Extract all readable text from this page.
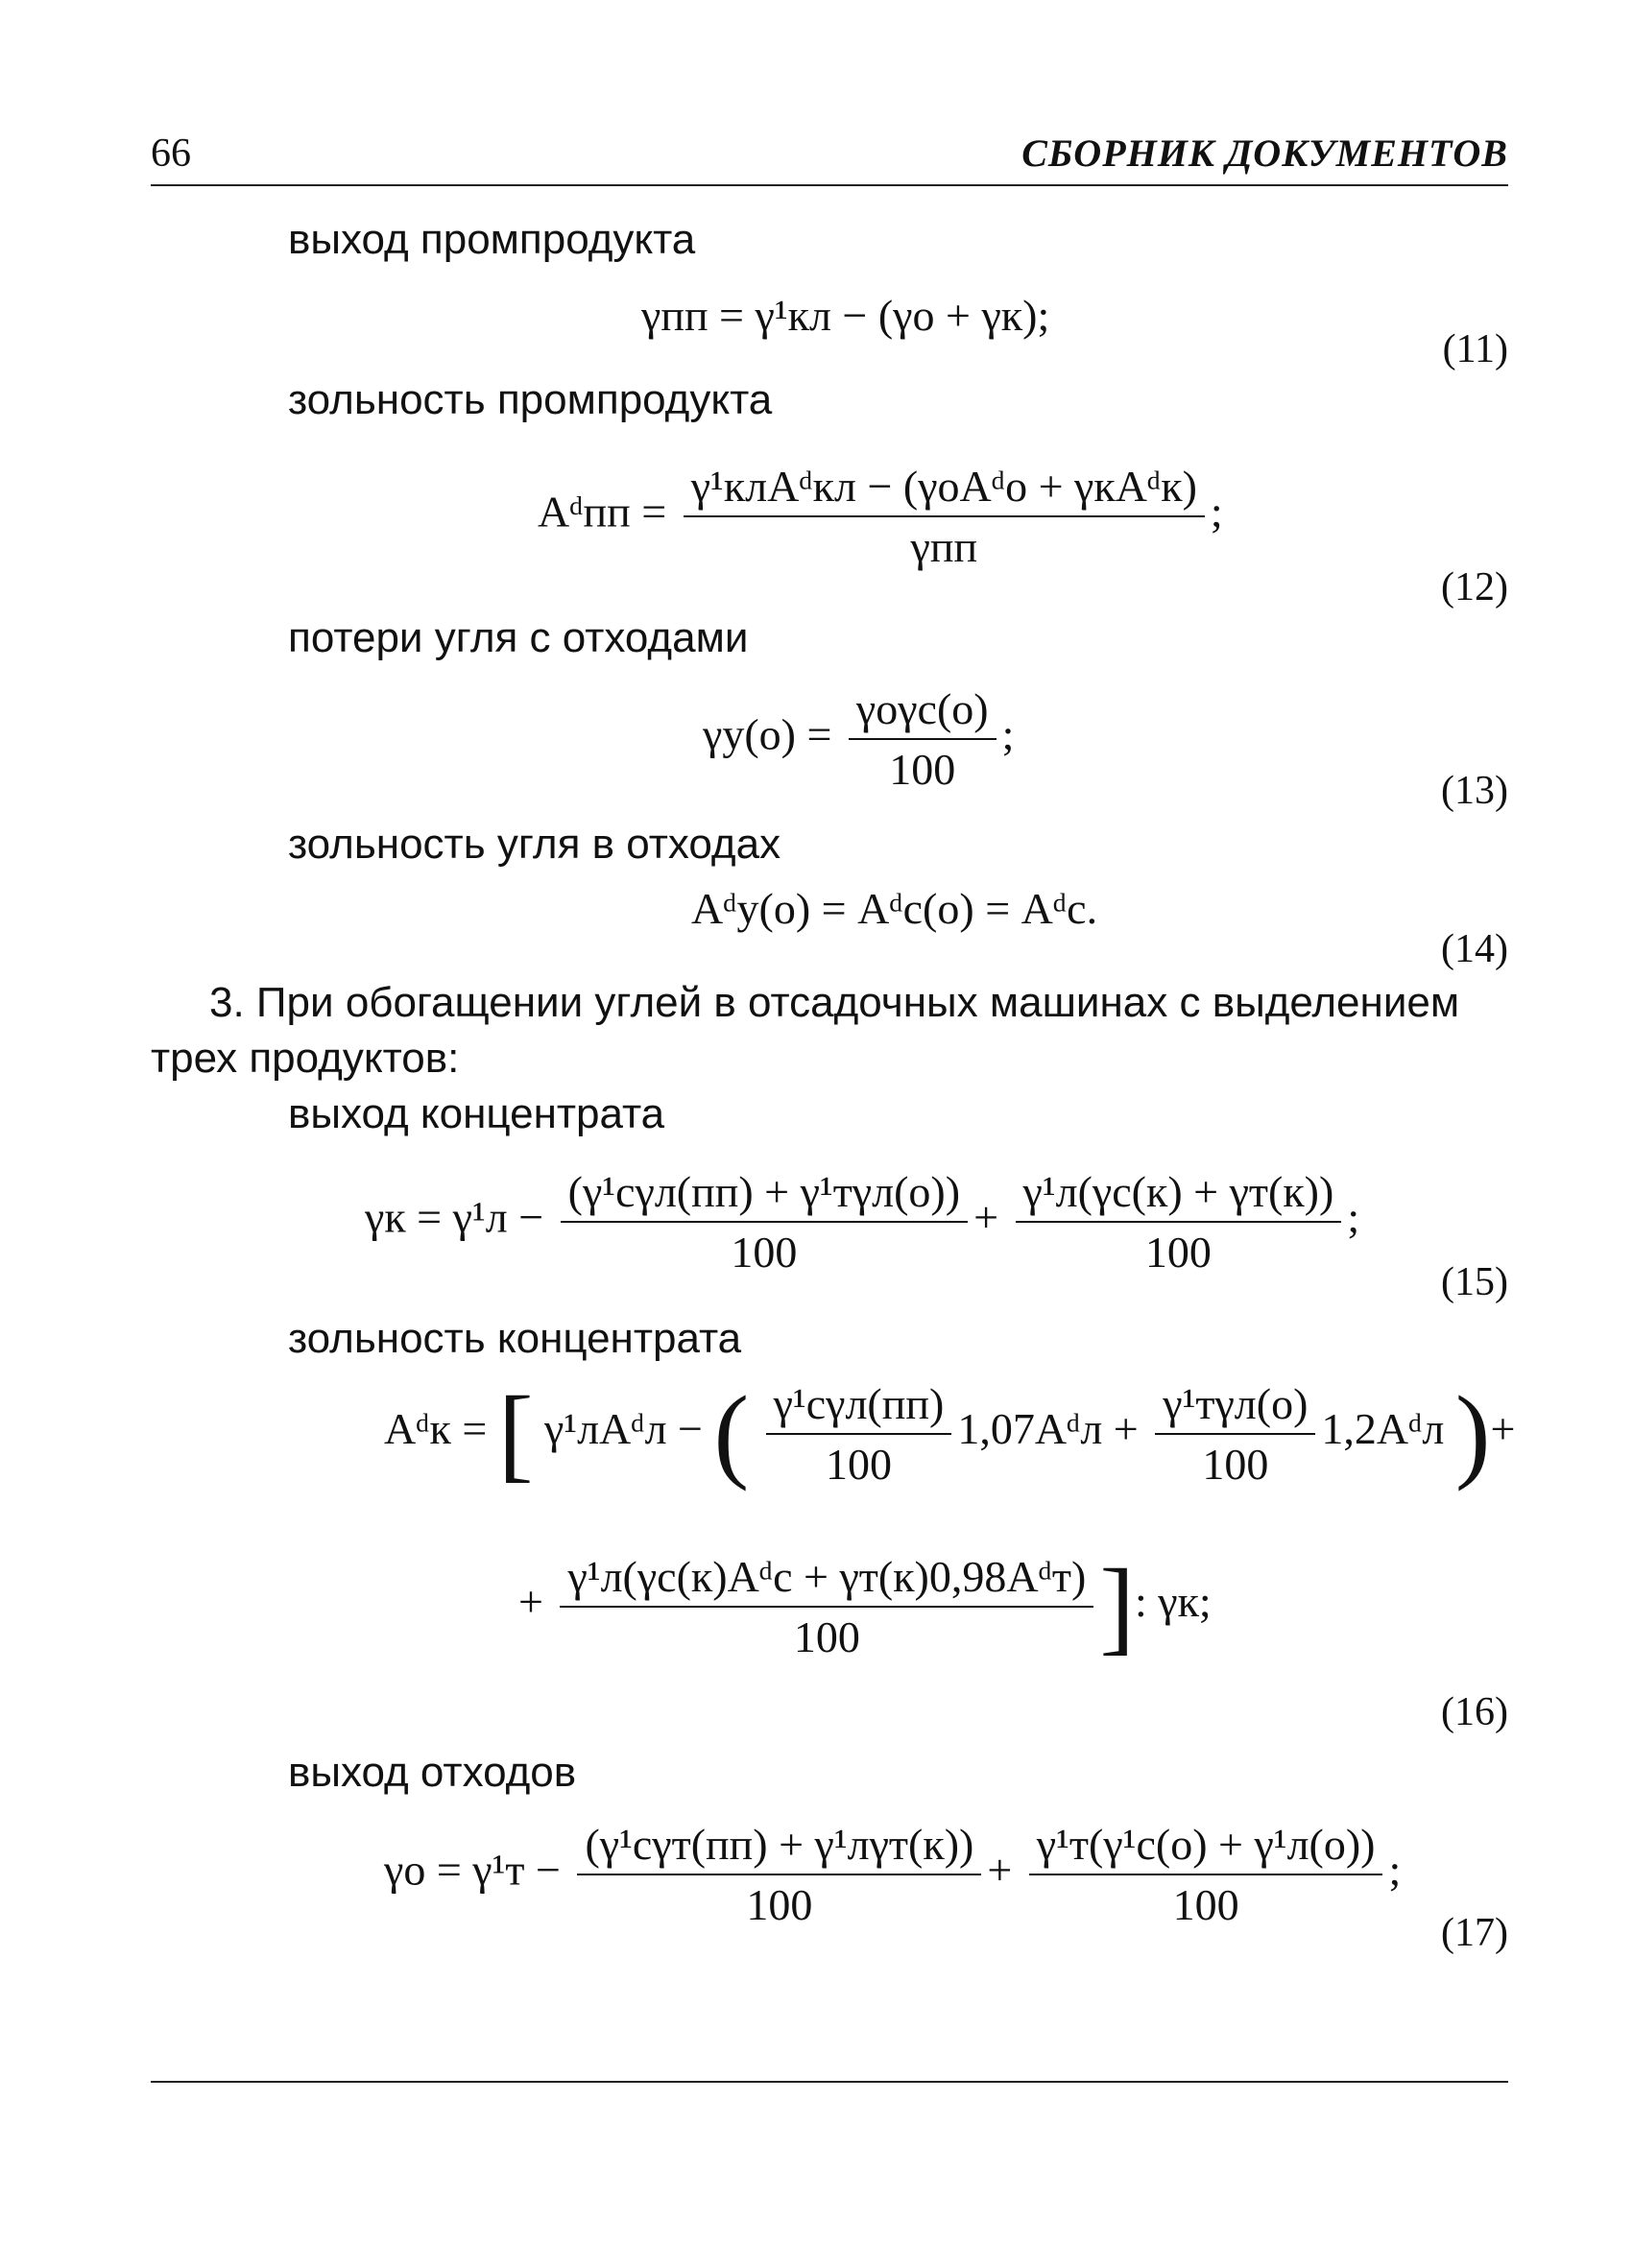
66	СБОРНИК ДОКУМЕНТОВ
выход промпродукта
γпп = γ¹кл − (γо + γк);
(11)
зольность промпродукта
Aᵈпп = $\frac{\text{γ¹клAᵈкл − (γоAᵈо + γкAᵈк)}}{\text{γпп}}$ ;
(12)
потери угля с отходами
$\gamma у(о) = \frac{\text{γоγс(о)}}{100}$ ;
(13)
зольность угля в отходах
Aᵈу(о) = Aᵈс(о) = Aᵈс.
(14)
3. При обогащении углей в отсадочных машинах с выделением
трех продуктов:
выход концентрата
$\gamma к = \gamma^1л - \frac{\text{(γ¹сγл(пп) + γ¹тγл(о))}}{100} + \frac{\text{γ¹л(γс(к) + γт(к))}}{100}$ ;
(15)
зольность концентрата
Aᵈк = [ γ¹лAᵈл − ( $\frac{\text{γ¹сγл(пп)}}{100}$ 1,07Aᵈл + $\frac{\text{γ¹тγл(о)}}{100}$ 1,2Aᵈл )+
+ $\frac{\text{γ¹л(γс(к)Aᵈс + γт(к)0,98Aᵈт)}}{100}$ ]: γк;
(16)
выход отходов
$\gamma о = \gamma^1т - \frac{\text{(γ¹сγт(пп) + γ¹лγт(к))}}{100} + \frac{\text{γ¹т(γ¹с(о) + γ¹л(о))}}{100}$ ;
(17)
